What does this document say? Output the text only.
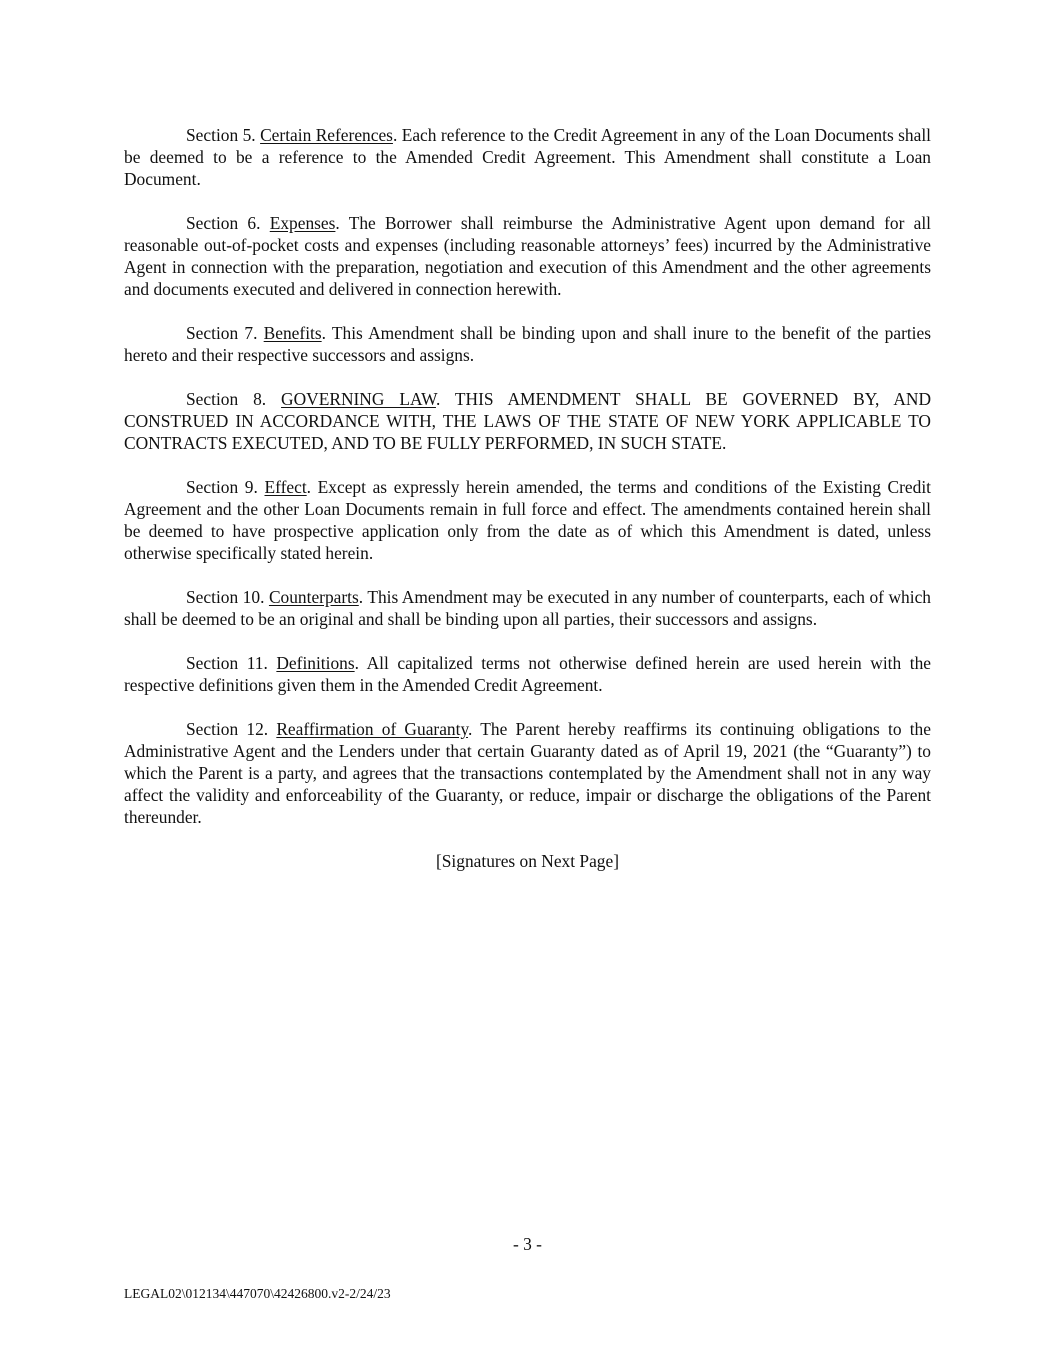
Section 5. Certain References. Each reference to the Credit Agreement in any of the Loan Documents shall be deemed to be a reference to the Amended Credit Agreement. This Amendment shall constitute a Loan Document.

Section 6. Expenses. The Borrower shall reimburse the Administrative Agent upon demand for all reasonable out-of-pocket costs and expenses (including reasonable attorneys’ fees) incurred by the Administrative Agent in connection with the preparation, negotiation and execution of this Amendment and the other agreements and documents executed and delivered in connection herewith.

Section 7. Benefits. This Amendment shall be binding upon and shall inure to the benefit of the parties hereto and their respective successors and assigns.

Section 8. GOVERNING LAW. THIS AMENDMENT SHALL BE GOVERNED BY, AND CONSTRUED IN ACCORDANCE WITH, THE LAWS OF THE STATE OF NEW YORK APPLICABLE TO CONTRACTS EXECUTED, AND TO BE FULLY PERFORMED, IN SUCH STATE.

Section 9. Effect. Except as expressly herein amended, the terms and conditions of the Existing Credit Agreement and the other Loan Documents remain in full force and effect. The amendments contained herein shall be deemed to have prospective application only from the date as of which this Amendment is dated, unless otherwise specifically stated herein.

Section 10. Counterparts. This Amendment may be executed in any number of counterparts, each of which shall be deemed to be an original and shall be binding upon all parties, their successors and assigns.

Section 11. Definitions. All capitalized terms not otherwise defined herein are used herein with the respective definitions given them in the Amended Credit Agreement.

Section 12. Reaffirmation of Guaranty. The Parent hereby reaffirms its continuing obligations to the Administrative Agent and the Lenders under that certain Guaranty dated as of April 19, 2021 (the “Guaranty”) to which the Parent is a party, and agrees that the transactions contemplated by the Amendment shall not in any way affect the validity and enforceability of the Guaranty, or reduce, impair or discharge the obligations of the Parent thereunder.

[Signatures on Next Page]

- 3 -
LEGAL02\012134\447070\42426800.v2-2/24/23
